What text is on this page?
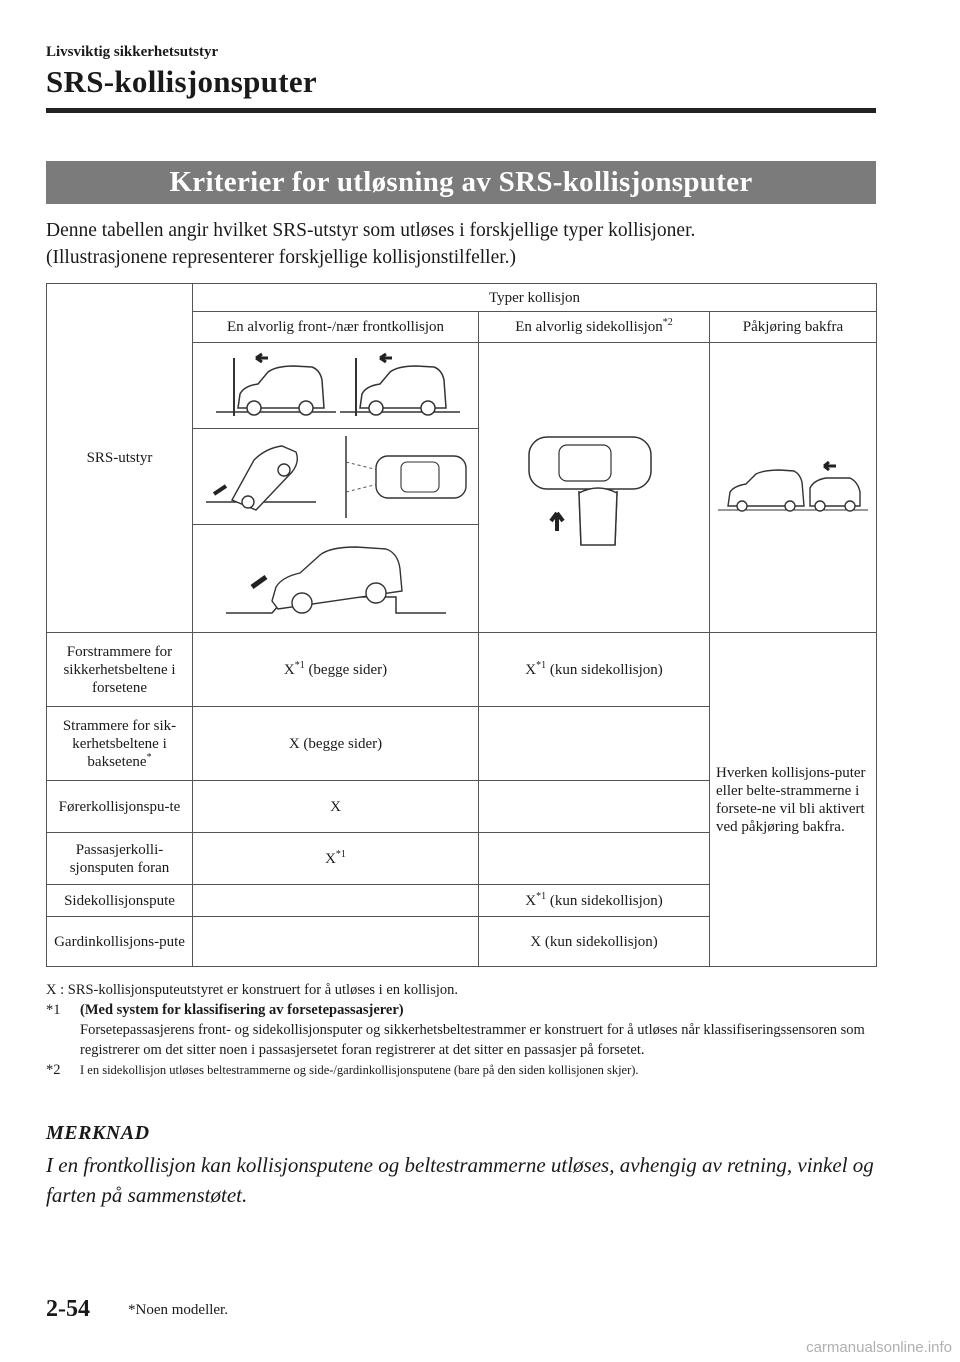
Livsviktig sikkerhetsutstyr
SRS-kollisjonsputer
Kriterier for utløsning av SRS-kollisjonsputer
Denne tabellen angir hvilket SRS-utstyr som utløses i forskjellige typer kollisjoner.
(Illustrasjonene representerer forskjellige kollisjonstilfeller.)
SRS-utstyr	Typer kollisjon		
	En alvorlig front-/nær frontkollisjon	En alvorlig sidekollisjon$^{*2}$	Påkjøring bakfra

Forstrammere for sikkerhetsbeltene i forsetene	$X^{*1}$ (begge sider)	$X^{*1}$ (kun sidekollisjon)	Hverken kollisjons-puter eller belte-strammerne i forsete-ne vil bli aktivert ved påkjøring bakfra.
Strammere for sik-kerhetsbeltene i baksetene*	X (begge sider)		
Førerkollisjonspu-te	X		
Passasjerkolli-sjonsputen foran	$X^{*1}$	
Sidekollisjonspute		$X^{*1}$ (kun sidekollisjon)	
Gardinkollisjons-pute		X (kun sidekollisjon)	
X : SRS-kollisjonsputeutstyret er konstruert for å utløses i en kollisjon.
*1	(Med system for klassifisering av forsetepassasjerer)
Forsetepassasjerens front- og sidekollisjonsputer og sikkerhetsbeltestrammer er konstruert for å utløses når klassifiseringssensoren som registrerer om det sitter noen i passasjersetet foran registrerer at det sitter en passasjer på forsetet.
*2	I en sidekollisjon utløses beltestrammerne og side-/gardinkollisjonsputene (bare på den siden kollisjonen skjer).
MERKNAD
I en frontkollisjon kan kollisjonsputene og beltestrammerne utløses, avhengig av retning, vinkel og farten på sammenstøtet.
2-54	*Noen modeller.
carmanualsonline.info
